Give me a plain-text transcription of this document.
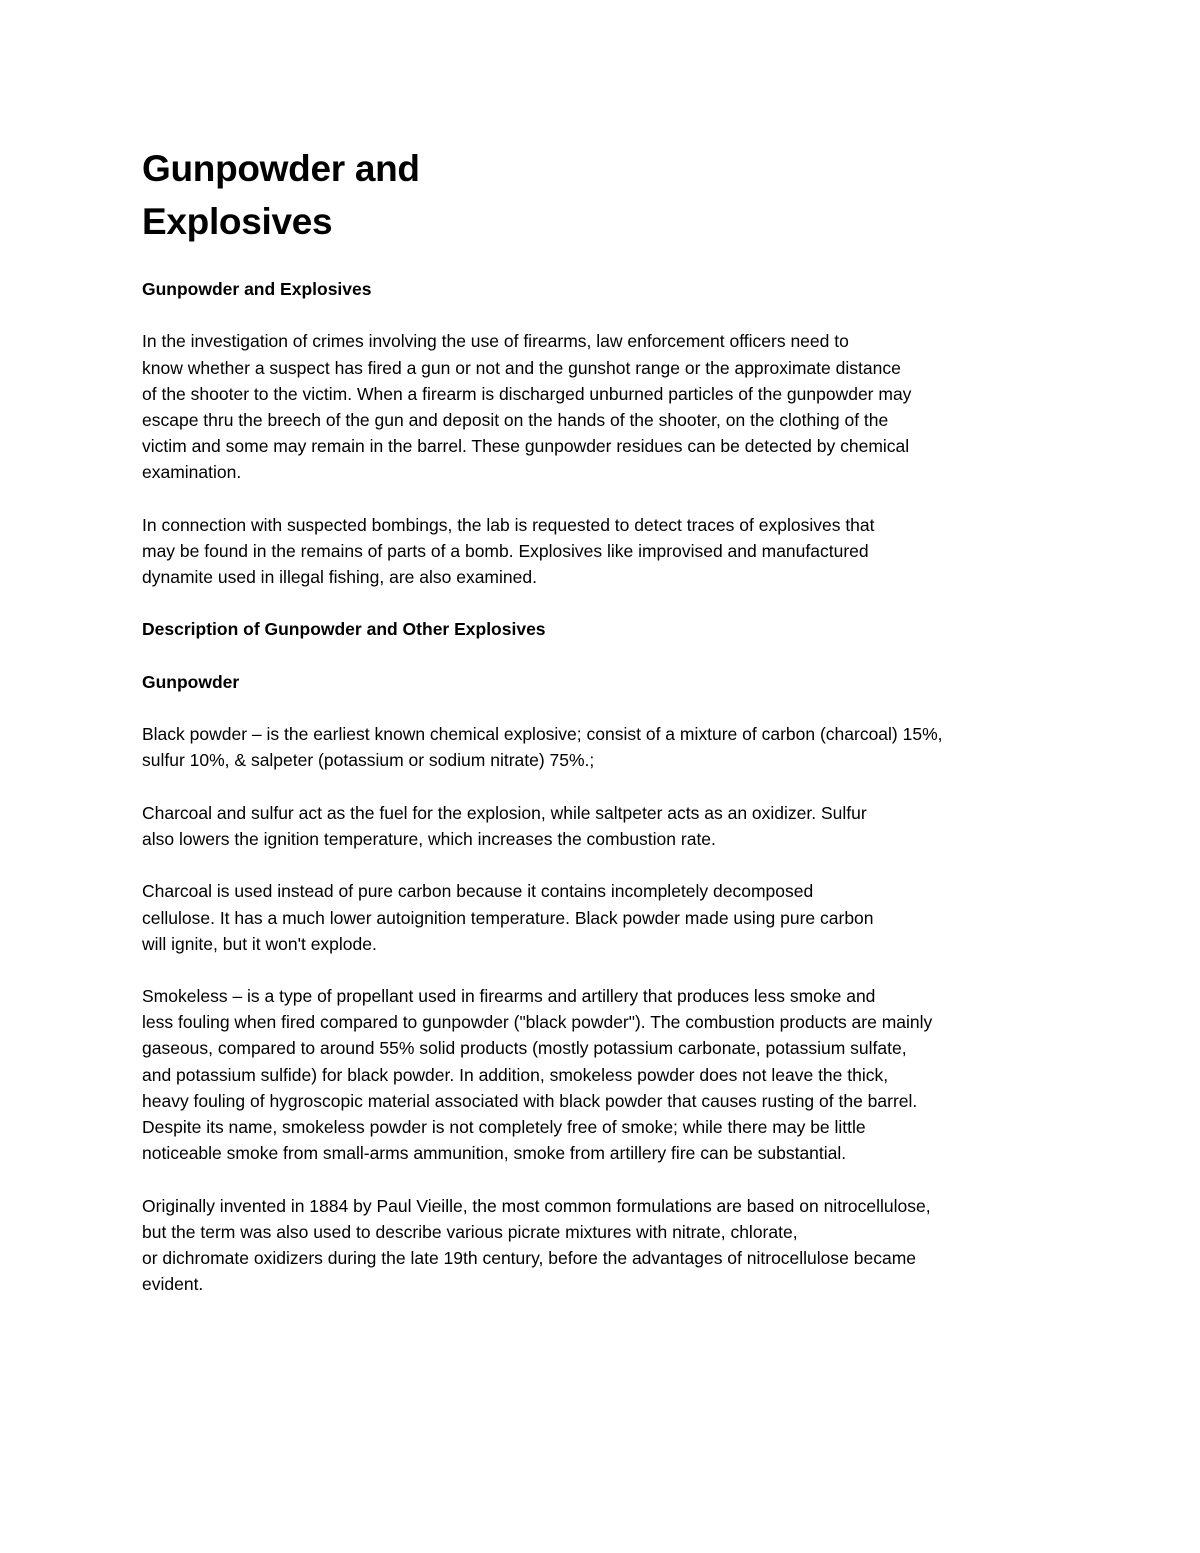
Gunpowder and
Explosives
Gunpowder and Explosives
In the investigation of crimes involving the use of firearms, law enforcement officers need to
know whether a suspect has fired a gun or not and the gunshot range or the approximate distance
of the shooter to the victim. When a firearm is discharged unburned particles of the gunpowder may
escape thru the breech of the gun and deposit on the hands of the shooter, on the clothing of the
victim and some may remain in the barrel. These gunpowder residues can be detected by chemical
examination.
In connection with suspected bombings, the lab is requested to detect traces of explosives that
may be found in the remains of parts of a bomb. Explosives like improvised and manufactured
dynamite used in illegal fishing, are also examined.
Description of Gunpowder and Other Explosives
Gunpowder
Black powder – is the earliest known chemical explosive; consist of a mixture of carbon (charcoal) 15%,
sulfur 10%, & salpeter (potassium or sodium nitrate) 75%.;
Charcoal and sulfur act as the fuel for the explosion, while saltpeter acts as an oxidizer. Sulfur
also lowers the ignition temperature, which increases the combustion rate.
Charcoal is used instead of pure carbon because it contains incompletely decomposed
cellulose. It has a much lower autoignition temperature. Black powder made using pure carbon
will ignite, but it won't explode.
Smokeless – is a type of propellant used in firearms and artillery that produces less smoke and
less fouling when fired compared to gunpowder ("black powder"). The combustion products are mainly
gaseous, compared to around 55% solid products (mostly potassium carbonate, potassium sulfate,
and potassium sulfide) for black powder. In addition, smokeless powder does not leave the thick,
heavy fouling of hygroscopic material associated with black powder that causes rusting of the barrel.
Despite its name, smokeless powder is not completely free of smoke; while there may be little
noticeable smoke from small-arms ammunition, smoke from artillery fire can be substantial.
Originally invented in 1884 by Paul Vieille, the most common formulations are based on nitrocellulose,
but the term was also used to describe various picrate mixtures with nitrate, chlorate,
or dichromate oxidizers during the late 19th century, before the advantages of nitrocellulose became
evident.
